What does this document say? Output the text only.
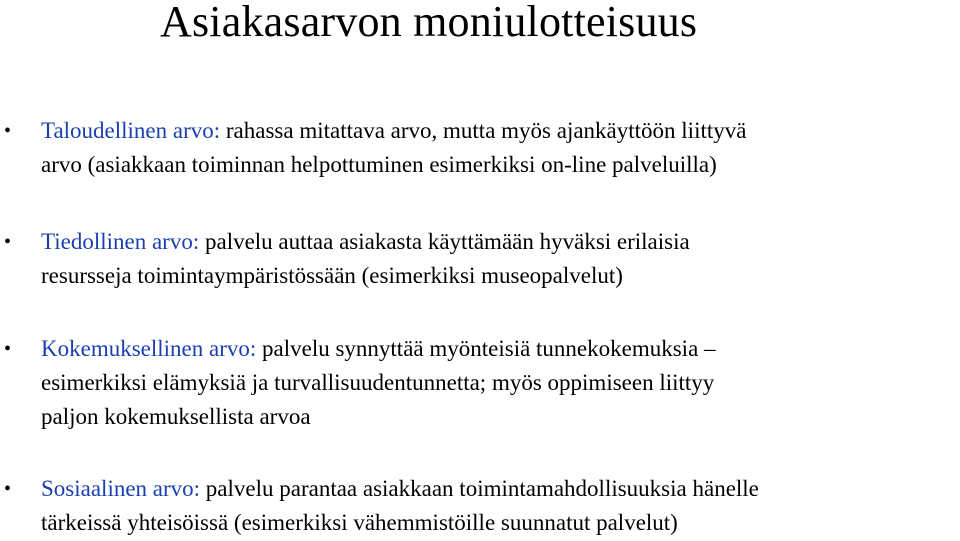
Asiakasarvon moniulotteisuus
• Taloudellinen arvo: rahassa mitattava arvo, mutta myös ajankäyttöön liittyvä
arvo (asiakkaan toiminnan helpottuminen esimerkiksi on-line palveluilla)
• Tiedollinen arvo: palvelu auttaa asiakasta käyttämään hyväksi erilaisia
resursseja toimintaympäristössään (esimerkiksi museopalvelut)
• Kokemuksellinen arvo: palvelu synnyttää myönteisiä tunnekokemuksia –
esimerkiksi elämyksiä ja turvallisuudentunnetta; myös oppimiseen liittyy
paljon kokemuksellista arvoa
• Sosiaalinen arvo: palvelu parantaa asiakkaan toimintamahdollisuuksia hänelle
tärkeissä yhteisöissä (esimerkiksi vähemmistöille suunnatut palvelut)
